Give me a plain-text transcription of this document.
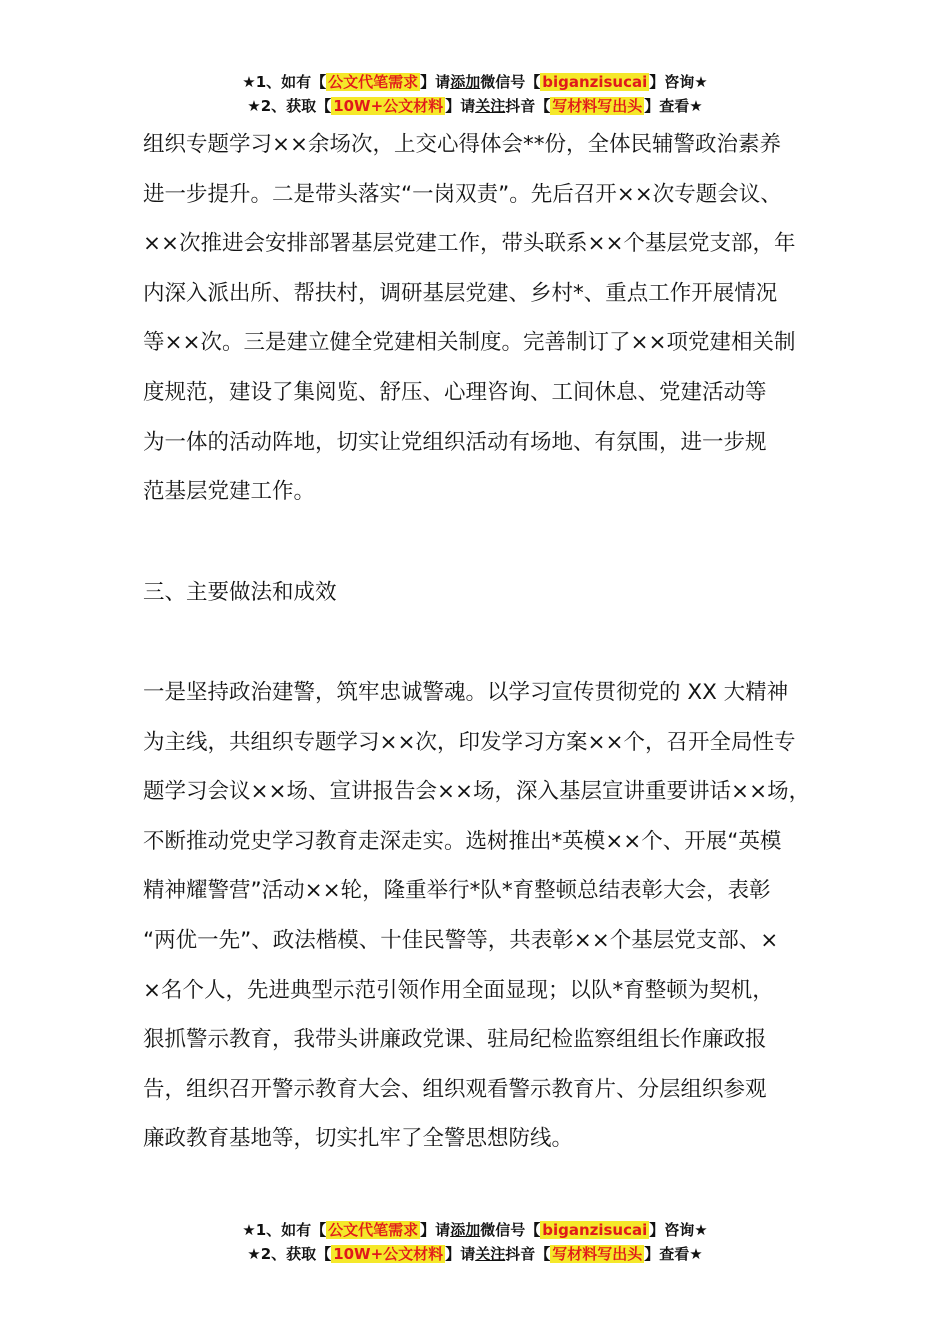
★1、如有【 公文代笔需求 】请添加微信号【 biganzisucai 】咨询★
★2、获取【 10W+公文材料 】请关注抖音【 写材料写出头 】查看★

组织专题学习××余场次，上交心得体会**份，全体民辅警政治素养

进一步提升。二是带头落实“一岗双责”。先后召开××次专题会议、

××次推进会安排部署基层党建工作，带头联系××个基层党支部，年

内深入派出所、帮扶村，调研基层党建、乡村*、重点工作开展情况

等××次。三是建立健全党建相关制度。完善制订了××项党建相关制

度规范，建设了集阅览、舒压、心理咨询、工间休息、党建活动等

为一体的活动阵地，切实让党组织活动有场地、有氛围，进一步规

范基层党建工作。

三、主要做法和成效

一是坚持政治建警，筑牢忠诚警魂。以学习宣传贯彻党的 XX 大精神

为主线，共组织专题学习××次，印发学习方案××个，召开全局性专

题学习会议××场、宣讲报告会××场，深入基层宣讲重要讲话××场，

不断推动党史学习教育走深走实。选树推出*英模××个、开展“英模

精神耀警营”活动××轮，隆重举行*队*育整顿总结表彰大会，表彰

“两优一先”、政法楷模、十佳民警等，共表彰××个基层党支部、×

×名个人，先进典型示范引领作用全面显现；以队*育整顿为契机，

狠抓警示教育，我带头讲廉政党课、驻局纪检监察组组长作廉政报

告，组织召开警示教育大会、组织观看警示教育片、分层组织参观

廉政教育基地等，切实扎牢了全警思想防线。

★1、如有【 公文代笔需求 】请添加微信号【 biganzisucai 】咨询★
★2、获取【 10W+公文材料 】请关注抖音【 写材料写出头 】查看★
